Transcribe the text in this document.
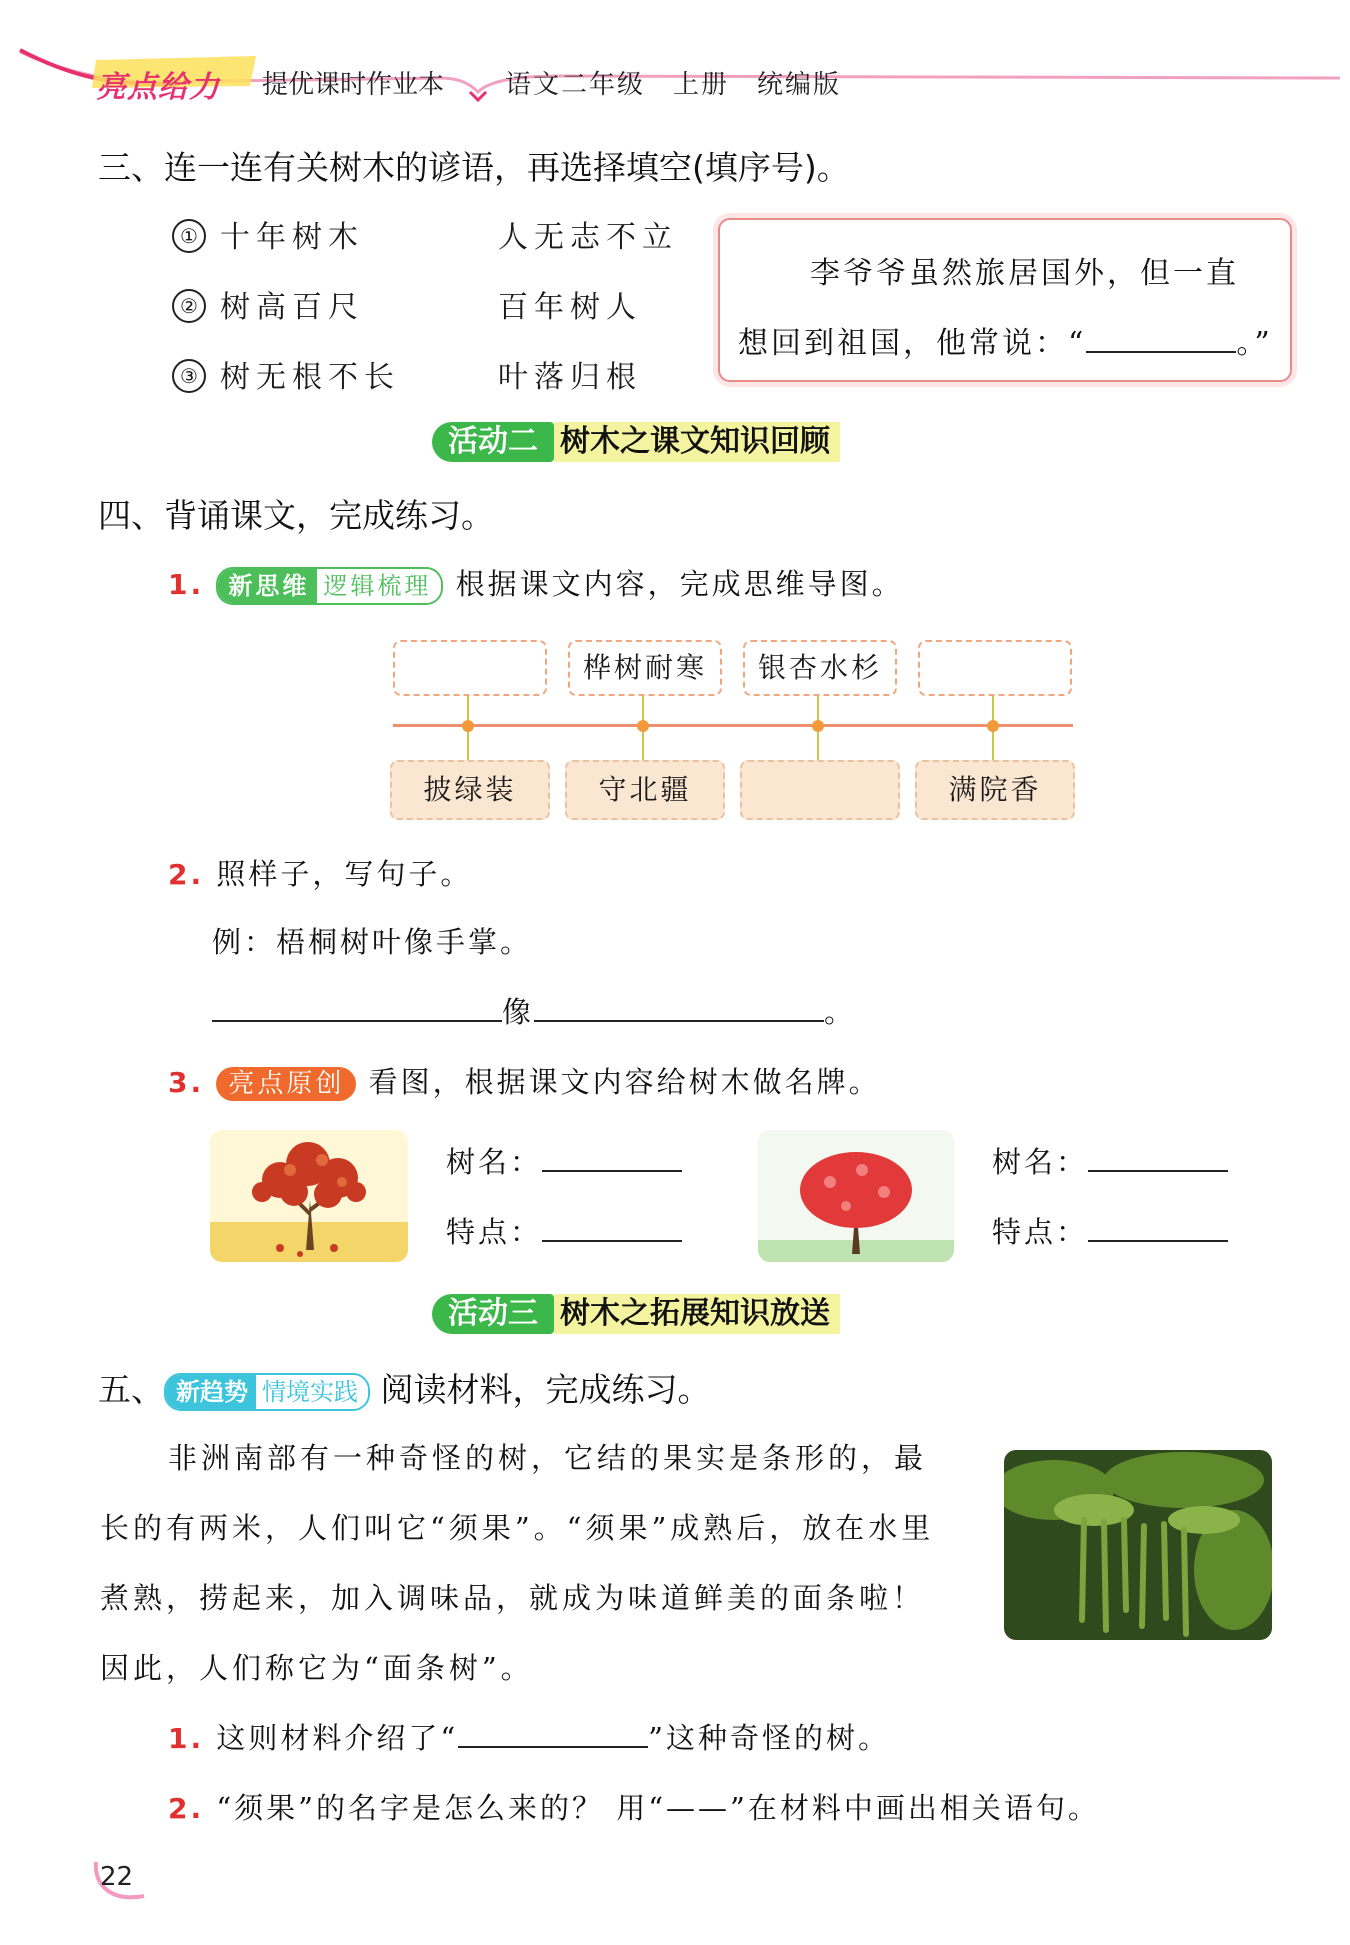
亮点给力 提优课时作业本 语文二年级　上册　统编版
三、连一连有关树木的谚语，再选择填空(填序号)。
① 十年树木
② 树高百尺
③ 树无根不长
人无志不立
百年树人
叶落归根
李爷爷虽然旅居国外，但一直
想回到祖国，他常说：“	。”
活动二 树木之课文知识回顾
四、背诵课文，完成练习。
1. 新思维 逻辑梳理 根据课文内容，完成思维导图。
桦树耐寒	银杏水杉
披绿装	守北疆	满院香
2. 照样子，写句子。
例：梧桐树叶像手掌。
像	。
3. 亮点原创 看图，根据课文内容给树木做名牌。
树名：
特点：
树名：
特点：
活动三 树木之拓展知识放送
五、 新趋势 情境实践 阅读材料，完成练习。
非洲南部有一种奇怪的树，它结的果实是条形的，最
长的有两米，人们叫它“须果”。“须果”成熟后，放在水里
煮熟，捞起来，加入调味品，就成为味道鲜美的面条啦！
因此，人们称它为“面条树”。
1. 这则材料介绍了“	”这种奇怪的树。
2. “须果”的名字是怎么来的？ 用“——”在材料中画出相关语句。
22
